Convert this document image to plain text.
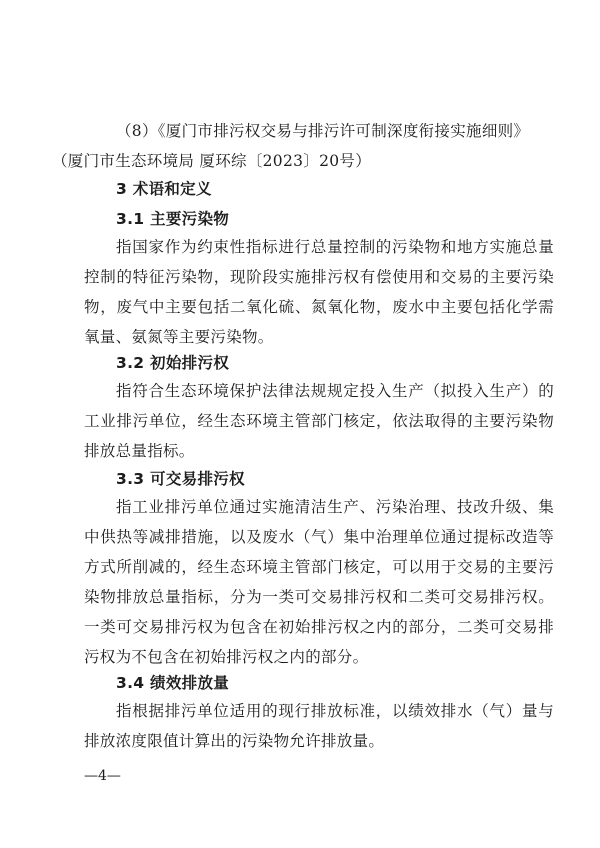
（8）《厦门市排污权交易与排污许可制深度衔接实施细则》
（厦门市生态环境局 厦环综〔2023〕20号）
3 术语和定义
3.1 主要污染物
指国家作为约束性指标进行总量控制的污染物和地方实施总量控制的特征污染物，现阶段实施排污权有偿使用和交易的主要污染物，废气中主要包括二氧化硫、氮氧化物，废水中主要包括化学需氧量、氨氮等主要污染物。
3.2 初始排污权
指符合生态环境保护法律法规规定投入生产（拟投入生产）的工业排污单位，经生态环境主管部门核定，依法取得的主要污染物排放总量指标。
3.3 可交易排污权
指工业排污单位通过实施清洁生产、污染治理、技改升级、集中供热等减排措施，以及废水（气）集中治理单位通过提标改造等方式所削减的，经生态环境主管部门核定，可以用于交易的主要污染物排放总量指标，分为一类可交易排污权和二类可交易排污权。一类可交易排污权为包含在初始排污权之内的部分，二类可交易排污权为不包含在初始排污权之内的部分。
3.4 绩效排放量
指根据排污单位适用的现行排放标准，以绩效排水（气）量与排放浓度限值计算出的污染物允许排放量。
—4—
